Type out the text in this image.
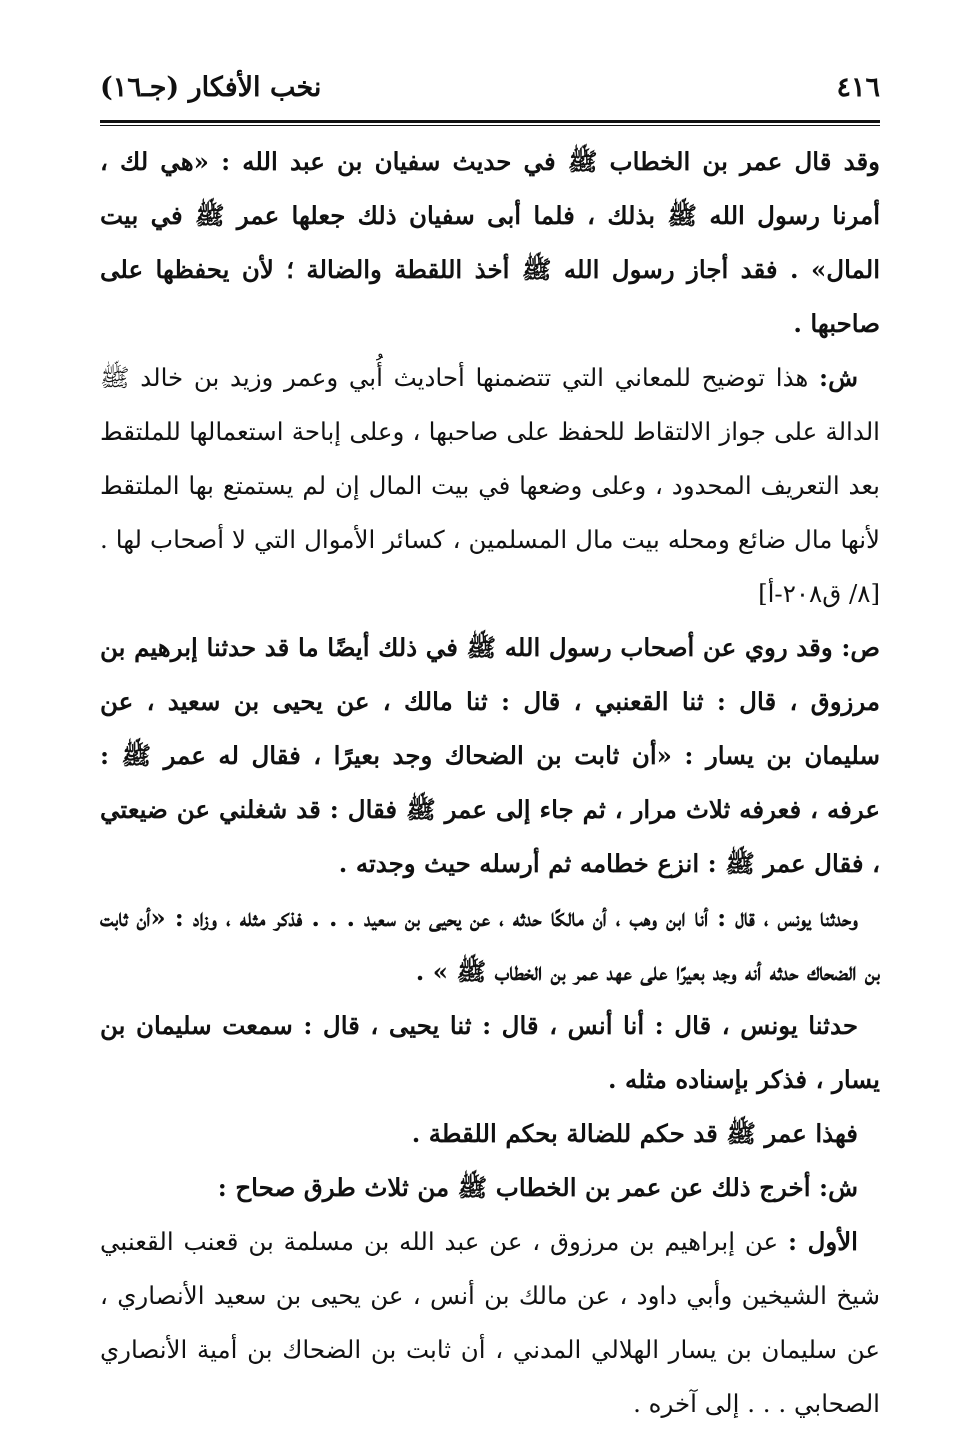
٤١٦
نخب الأفكار (جـ١٦)

وقد قال عمر بن الخطاب ﷺ في حديث سفيان بن عبد الله : «هي لك ، أمرنا رسول الله ﷺ بذلك ، فلما أبى سفيان ذلك جعلها عمر ﷺ في بيت المال» . فقد أجاز رسول الله ﷺ أخذ اللقطة والضالة ؛ لأن يحفظها على صاحبها .

ش: هذا توضيح للمعاني التي تتضمنها أحاديث أُبي وعمر وزيد بن خالد ﷺ الدالة على جواز الالتقاط للحفظ على صاحبها ، وعلى إباحة استعمالها للملتقط بعد التعريف المحدود ، وعلى وضعها في بيت المال إن لم يستمتع بها الملتقط لأنها مال ضائع ومحله بيت مال المسلمين ، كسائر الأموال التي لا أصحاب لها . [٨/ ق٢٠٨-أ]

ص: وقد روي عن أصحاب رسول الله ﷺ في ذلك أيضًا ما قد حدثنا إبرهيم بن مرزوق ، قال : ثنا القعنبي ، قال : ثنا مالك ، عن يحيى بن سعيد ، عن سليمان بن يسار : «أن ثابت بن الضحاك وجد بعيرًا ، فقال له عمر ﷺ : عرفه ، فعرفه ثلاث مرار ، ثم جاء إلى عمر ﷺ فقال : قد شغلني عن ضيعتي ، فقال عمر ﷺ : انزع خطامه ثم أرسله حيث وجدته .

وحدثنا يونس ، قال : أنا ابن وهب ، أن مالكًا حدثه ، عن يحيى بن سعيد . . . فذكر مثله ، وزاد : «أن ثابت بن الضحاك حدثه أنه وجد بعيرًا على عهد عمر بن الخطاب ﷺ » .

حدثنا يونس ، قال : أنا أنس ، قال : ثنا يحيى ، قال : سمعت سليمان بن يسار ، فذكر بإسناده مثله .

فهذا عمر ﷺ قد حكم للضالة بحكم اللقطة .

ش: أخرج ذلك عن عمر بن الخطاب ﷺ من ثلاث طرق صحاح :

الأول : عن إبراهيم بن مرزوق ، عن عبد الله بن مسلمة بن قعنب القعنبي شيخ الشيخين وأبي داود ، عن مالك بن أنس ، عن يحيى بن سعيد الأنصاري ، عن سليمان بن يسار الهلالي المدني ، أن ثابت بن الضحاك بن أمية الأنصاري الصحابي . . . إلى آخره .
